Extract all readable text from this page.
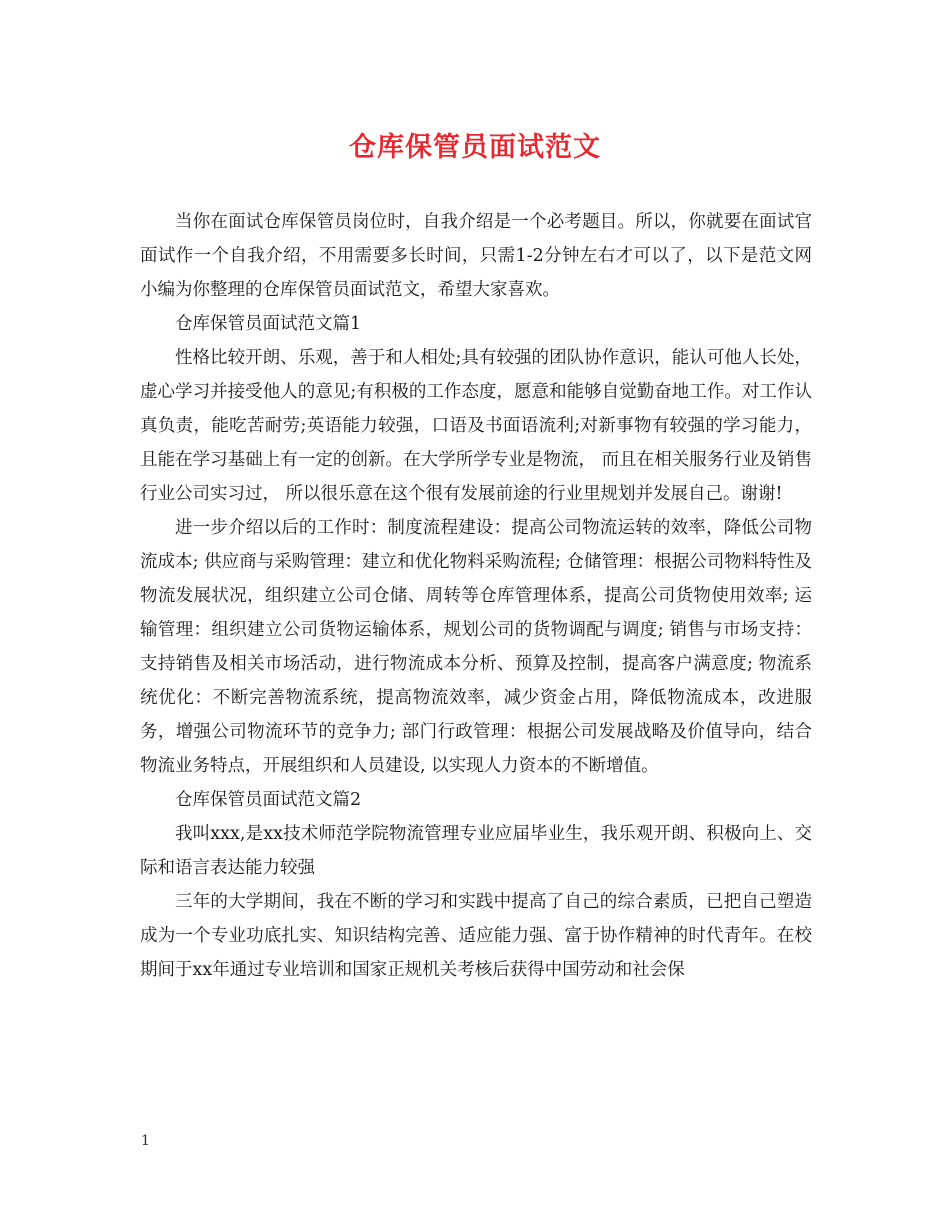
仓库保管员面试范文

当你在面试仓库保管员岗位时，自我介绍是一个必考题目。所以，你就要在面试官面试作一个自我介绍，不用需要多长时间，只需1-2分钟左右才可以了，以下是范文网小编为你整理的仓库保管员面试范文，希望大家喜欢。

仓库保管员面试范文篇1

性格比较开朗、乐观，善于和人相处;具有较强的团队协作意识，能认可他人长处，虚心学习并接受他人的意见;有积极的工作态度，愿意和能够自觉勤奋地工作。对工作认真负责，能吃苦耐劳;英语能力较强，口语及书面语流利;对新事物有较强的学习能力，且能在学习基础上有一定的创新。在大学所学专业是物流， 而且在相关服务行业及销售行业公司实习过， 所以很乐意在这个很有发展前途的行业里规划并发展自己。谢谢!

进一步介绍以后的工作时：制度流程建设：提高公司物流运转的效率，降低公司物流成本; 供应商与采购管理：建立和优化物料采购流程; 仓储管理：根据公司物料特性及物流发展状况，组织建立公司仓储、周转等仓库管理体系，提高公司货物使用效率; 运输管理：组织建立公司货物运输体系，规划公司的货物调配与调度; 销售与市场支持：支持销售及相关市场活动，进行物流成本分析、预算及控制，提高客户满意度; 物流系统优化：不断完善物流系统，提高物流效率，减少资金占用，降低物流成本，改进服务，增强公司物流环节的竞争力; 部门行政管理：根据公司发展战略及价值导向，结合物流业务特点，开展组织和人员建设, 以实现人力资本的不断增值。

仓库保管员面试范文篇2

我叫xxx,是xx技术师范学院物流管理专业应届毕业生，我乐观开朗、积极向上、交际和语言表达能力较强

三年的大学期间，我在不断的学习和实践中提高了自己的综合素质，已把自己塑造成为一个专业功底扎实、知识结构完善、适应能力强、富于协作精神的时代青年。在校期间于xx年通过专业培训和国家正规机关考核后获得中国劳动和社会保

1
